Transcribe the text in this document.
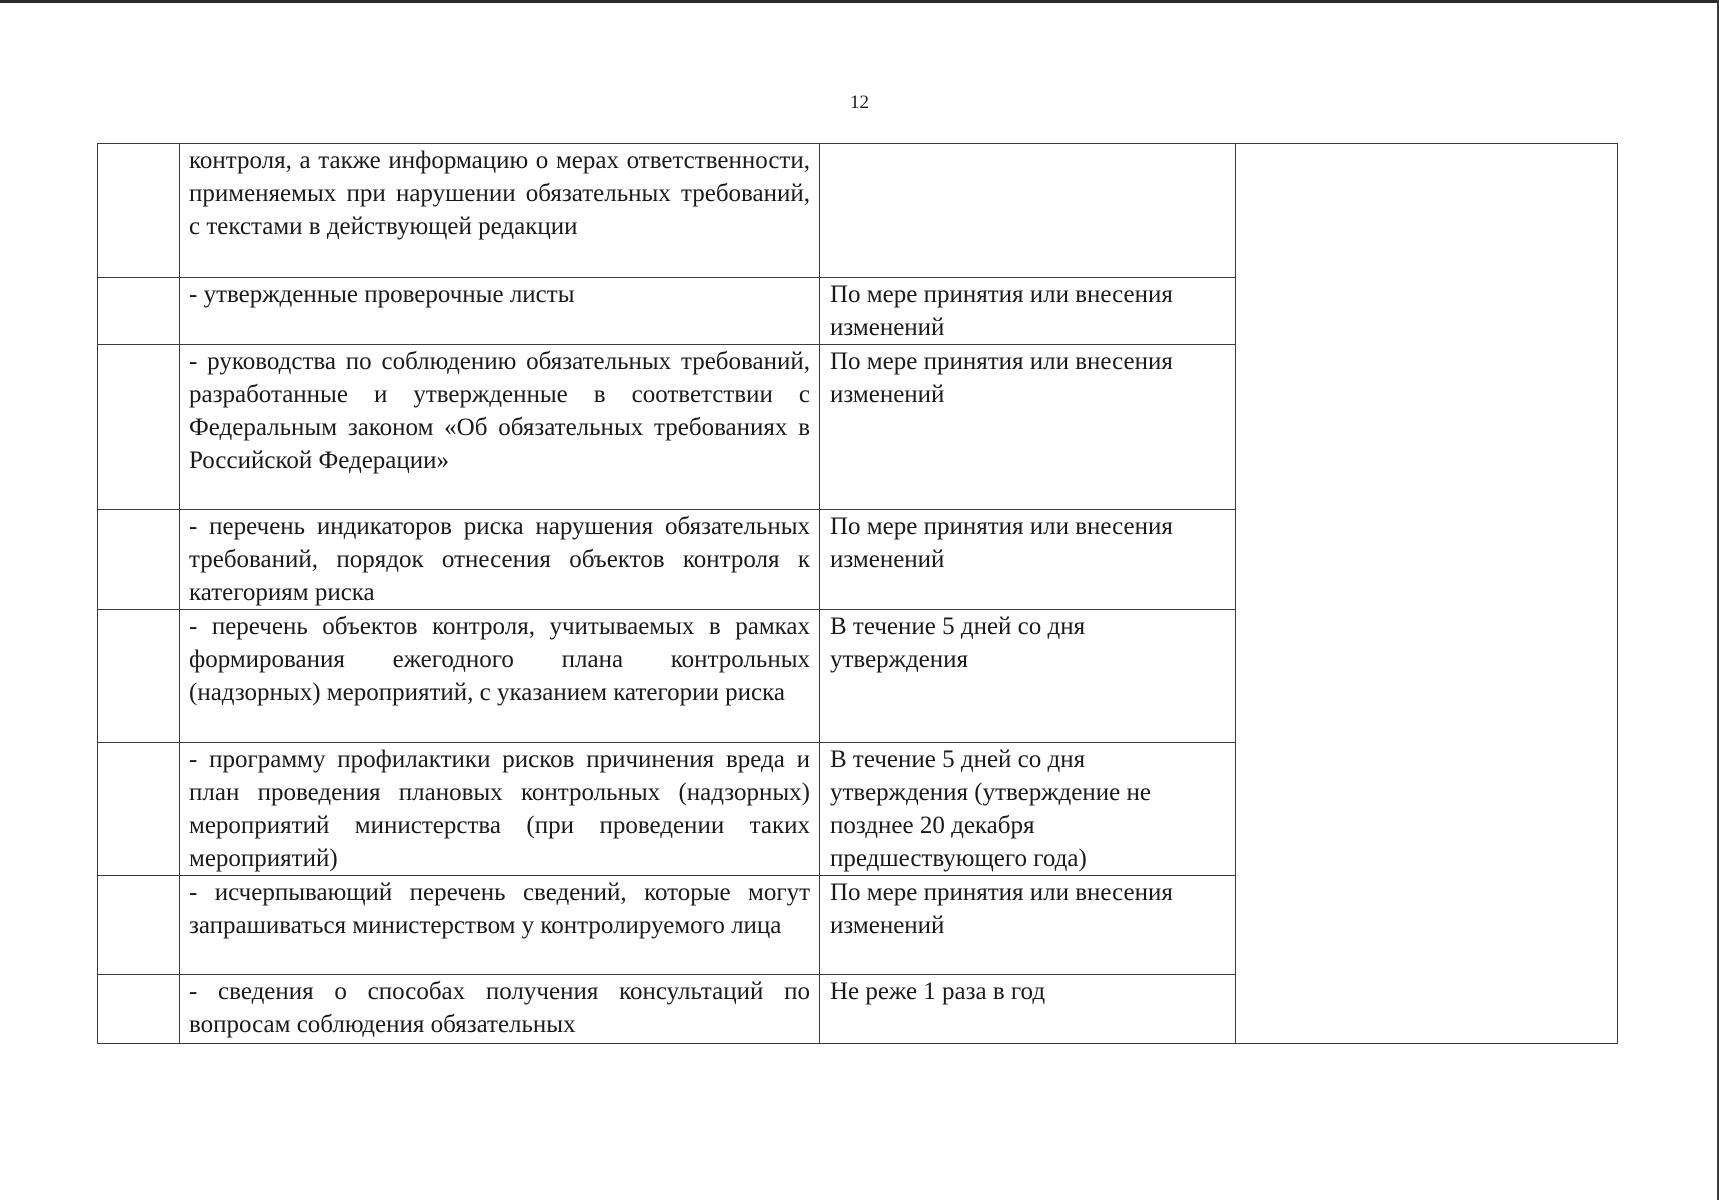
12
	контроля, а также информацию о мерах ответственности, применяемых при нарушении обязательных требований, с текстами в действующей редакции		
	- утвержденные проверочные листы	По мере принятия или внесения изменений	
	- руководства по соблюдению обязательных требований, разработанные и утвержденные в соответствии с Федеральным законом «Об обязательных требованиях в Российской Федерации»	По мере принятия или внесения изменений	
	- перечень индикаторов риска нарушения обязательных требований, порядок отнесения объектов контроля к категориям риска	По мере принятия или внесения изменений	
	- перечень объектов контроля, учитываемых в рамках формирования ежегодного плана контрольных (надзорных) мероприятий, с указанием категории риска	В течение 5 дней со дня утверждения	
	- программу профилактики рисков причинения вреда и план проведения плановых контрольных (надзорных) мероприятий министерства (при проведении таких мероприятий)	В течение 5 дней со дня утверждения (утверждение не позднее 20 декабря предшествующего года)	
	- исчерпывающий перечень сведений, которые могут запрашиваться министерством у контролируемого лица	По мере принятия или внесения изменений	
	- сведения о способах получения консультаций по вопросам соблюдения обязательных	Не реже 1 раза в год	
